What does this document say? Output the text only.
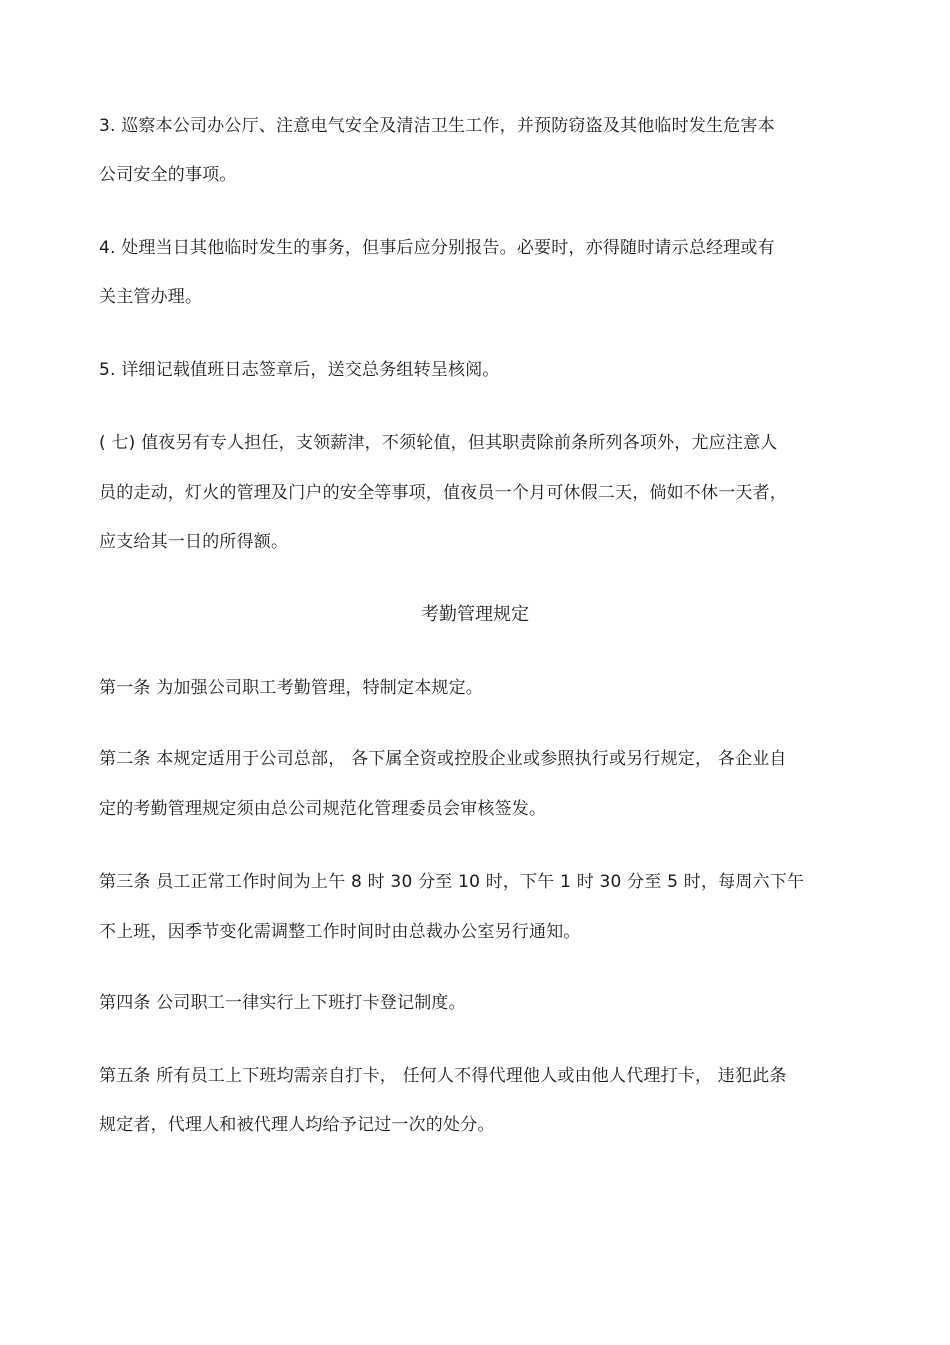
3. 巡察本公司办公厅、注意电气安全及清洁卫生工作，并预防窃盗及其他临时发生危害本
公司安全的事项。
4. 处理当日其他临时发生的事务，但事后应分别报告。必要时，亦得随时请示总经理或有
关主管办理。
5. 详细记载值班日志签章后，送交总务组转呈核阅。
( 七) 值夜另有专人担任，支领薪津，不须轮值，但其职责除前条所列各项外，尤应注意人
员的走动，灯火的管理及门户的安全等事项，值夜员一个月可休假二天，倘如不休一天者，
应支给其一日的所得额。
考勤管理规定
第一条 为加强公司职工考勤管理，特制定本规定。
第二条 本规定适用于公司总部， 各下属全资或控股企业或参照执行或另行规定， 各企业自
定的考勤管理规定须由总公司规范化管理委员会审核签发。
第三条 员工正常工作时间为上午 8 时 30 分至 10 时，下午 1 时 30 分至 5 时，每周六下午
不上班，因季节变化需调整工作时间时由总裁办公室另行通知。
第四条 公司职工一律实行上下班打卡登记制度。
第五条 所有员工上下班均需亲自打卡， 任何人不得代理他人或由他人代理打卡， 违犯此条
规定者，代理人和被代理人均给予记过一次的处分。
